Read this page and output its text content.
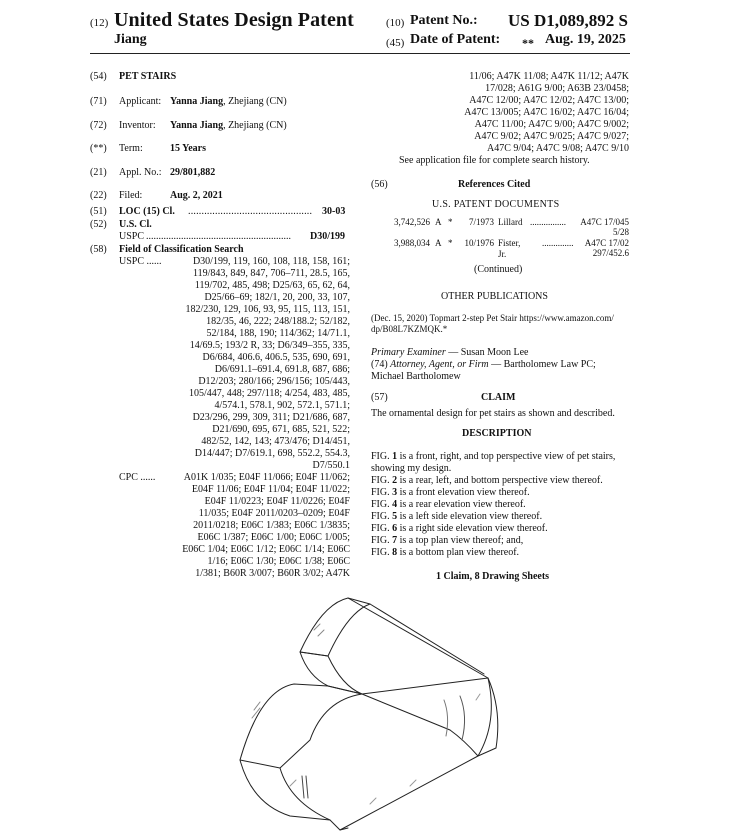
(12) United States Design Patent
Jiang
(10) Patent No.: US D1,089,892 S
(45) Date of Patent: ** Aug. 19, 2025
(54) PET STAIRS
(71) Applicant: Yanna Jiang, Zhejiang (CN)
(72) Inventor: Yanna Jiang, Zhejiang (CN)
(**) Term:	15 Years
(21) Appl. No.: 29/801,882
(22) Filed:	Aug. 2, 2021
(51) LOC (15) Cl. .............................................. 30-03
(52) U.S. Cl.
USPC .......................................................... D30/199
(58) Field of Classification Search
USPC ......	D30/199, 119, 160, 108, 118, 158, 161;
119/843, 849, 847, 706–711, 28.5, 165,
119/702, 485, 498; D25/63, 65, 62, 64,
D25/66–69; 182/1, 20, 200, 33, 107,
182/230, 129, 106, 93, 95, 115, 113, 151,
182/35, 46, 222; 248/188.2; 52/182,
52/184, 188, 190; 114/362; 14/71.1,
14/69.5; 193/2 R, 33; D6/349–355, 335,
D6/684, 406.6, 406.5, 535, 690, 691,
D6/691.1–691.4, 691.8, 687, 686;
D12/203; 280/166; 296/156; 105/443,
105/447, 448; 297/118; 4/254, 483, 485,
4/574.1, 578.1, 902, 572.1, 571.1;
D23/296, 299, 309, 311; D21/686, 687,
D21/690, 695, 671, 685, 521, 522;
482/52, 142, 143; 473/476; D14/451,
D14/447; D7/619.1, 698, 552.2, 554.3,
D7/550.1
CPC ......	A01K 1/035; E04F 11/066; E04F 11/062;
E04F 11/06; E04F 11/04; E04F 11/022;
E04F 11/0223; E04F 11/0226; E04F
11/035; E04F 2011/0203–0209; E04F
2011/0218; E06C 1/383; E06C 1/3835;
E06C 1/387; E06C 1/00; E06C 1/005;
E06C 1/04; E06C 1/12; E06C 1/14; E06C
1/16; E06C 1/30; E06C 1/38; E06C
1/381; B60R 3/007; B60R 3/02; A47K
11/06; A47K 11/08; A47K 11/12; A47K
17/028; A61G 9/00; A63B 23/0458;
A47C 12/00; A47C 12/02; A47C 13/00;
A47C 13/005; A47C 16/02; A47C 16/04;
A47C 11/00; A47C 9/00; A47C 9/002;
A47C 9/02; A47C 9/025; A47C 9/027;
A47C 9/04; A47C 9/08; A47C 9/10
See application file for complete search history.
(56)	References Cited
U.S. PATENT DOCUMENTS
3,742,526 A *	7/1973 Lillard ................ A47C 17/045
5/28
3,988,034 A *	10/1976 Fister, Jr.
..............	A47C 17/02
297/452.6
(Continued)
OTHER PUBLICATIONS
(Dec. 15, 2020) Topmart 2-step Pet Stair https://www.amazon.com/
dp/B08L7KZMQK.*
Primary Examiner — Susan Moon Lee
(74) Attorney, Agent, or Firm — Bartholomew Law PC;
Michael Bartholomew
(57)	CLAIM
The ornamental design for pet stairs as shown and described.
DESCRIPTION
FIG. 1 is a front, right, and top perspective view of pet stairs,
showing my design.
FIG. 2 is a rear, left, and bottom perspective view thereof.
FIG. 3 is a front elevation view thereof.
FIG. 4 is a rear elevation view thereof.
FIG. 5 is a left side elevation view thereof.
FIG. 6 is a right side elevation view thereof.
FIG. 7 is a top plan view thereof; and,
FIG. 8 is a bottom plan view thereof.
1 Claim, 8 Drawing Sheets
